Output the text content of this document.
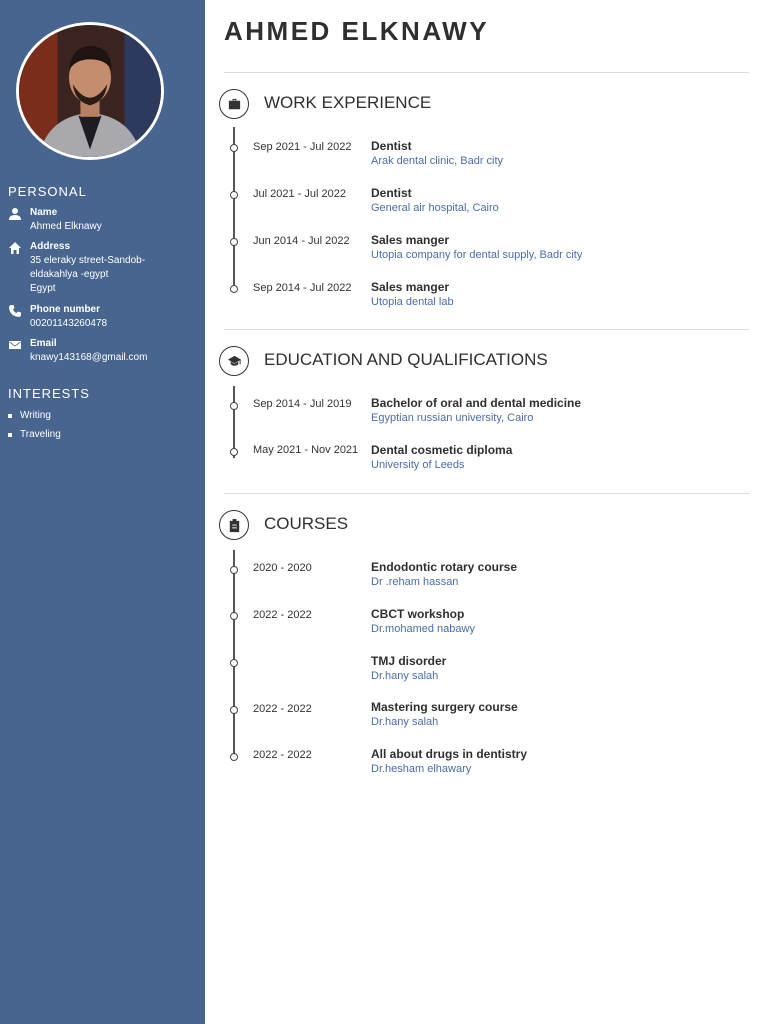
PERSONAL
Name
Ahmed Elknawy
Address
35 eleraky street-Sandob-
eldakahlya -egypt
Egypt
Phone number
00201143260478
Email
knawy143168@gmail.com
INTERESTS
Writing
Traveling
AHMED ELKNAWY
WORK EXPERIENCE
Sep 2021 - Jul 2022 Dentist
Arak dental clinic, Badr city
Jul 2021 - Jul 2022 Dentist
General air hospital, Cairo
Jun 2014 - Jul 2022 Sales manger
Utopia company for dental supply, Badr city
Sep 2014 - Jul 2022 Sales manger
Utopia dental lab
EDUCATION AND QUALIFICATIONS
Sep 2014 - Jul 2019 Bachelor of oral and dental medicine
Egyptian russian university, Cairo
May 2021 - Nov 2021 Dental cosmetic diploma
University of Leeds
COURSES
2020 - 2020	Endodontic rotary course
Dr .reham hassan
2022 - 2022	CBCT workshop
Dr.mohamed nabawy
TMJ disorder
Dr.hany salah
2022 - 2022	Mastering surgery course
Dr.hany salah
2022 - 2022	All about drugs in dentistry
Dr.hesham elhawary
